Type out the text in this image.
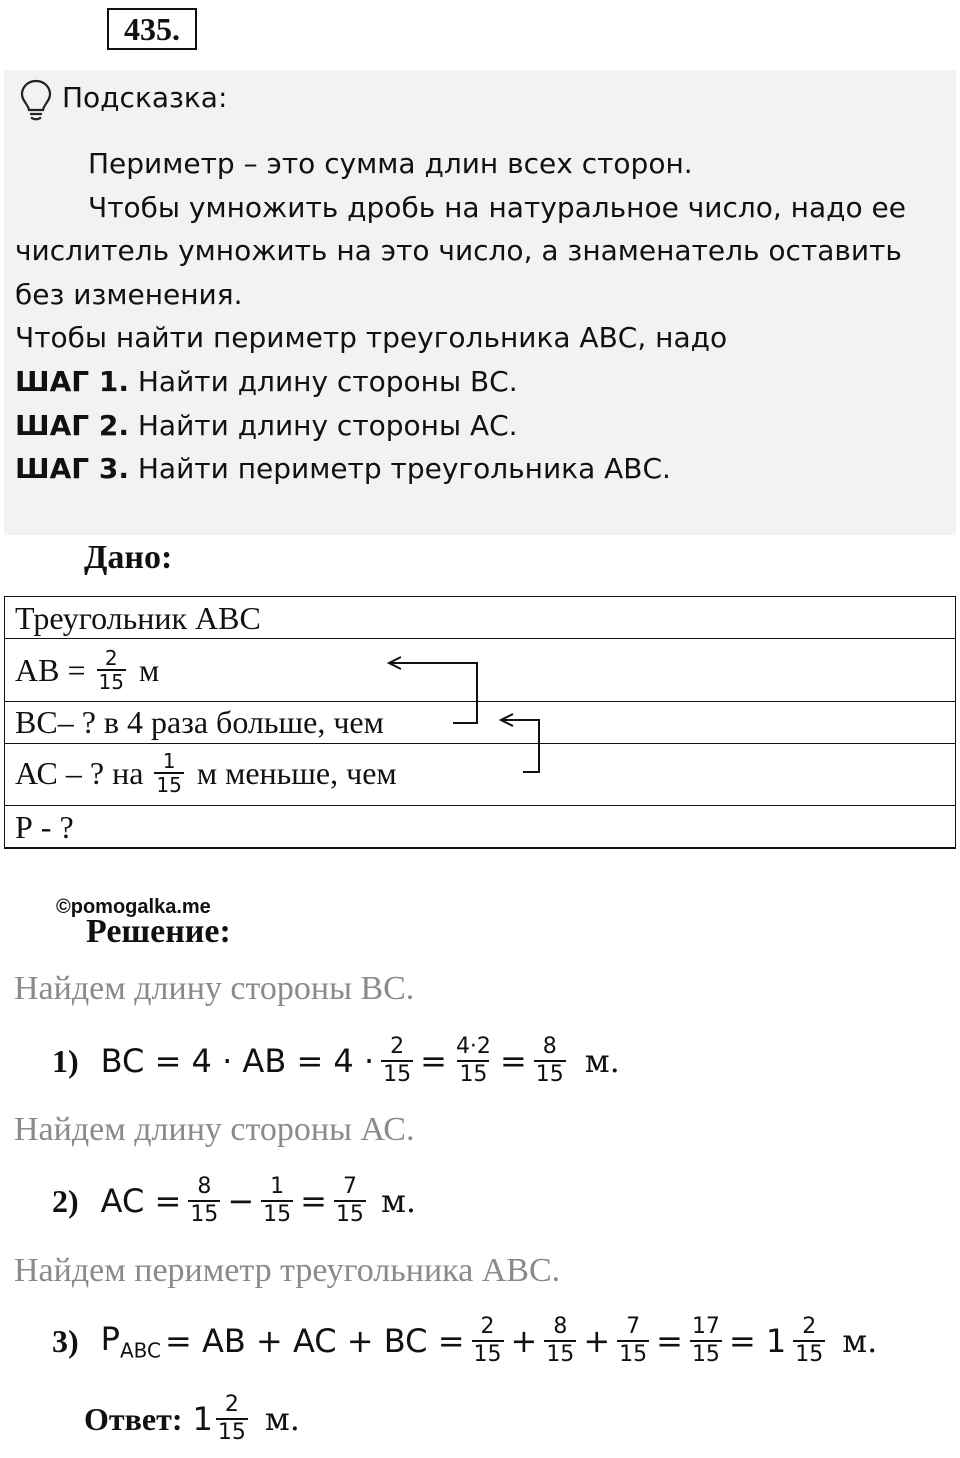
435.
Подсказка:
Периметр – это сумма длин всех сторон.
Чтобы умножить дробь на натуральное число, надо ее
числитель умножить на это число, а знаменатель оставить
без изменения.
Чтобы найти периметр треугольника АВС, надо
ШАГ 1. Найти длину стороны ВС.
ШАГ 2. Найти длину стороны АС.
ШАГ 3. Найти периметр треугольника АВС.
Дано:
Треугольник АВС
АВ = $\frac{2}{15}$ м
ВС– ? в 4 раза больше, чем
АС – ? на $\frac{1}{15}$ м меньше, чем
Р - ?
©pomogalka.me
Решение:
Найдем длину стороны ВС.
1) BC = 4 · AB = $4 \cdot \frac{2}{15} = \frac{4\cdot 2}{15} = \frac{8}{15} м$.
Найдем длину стороны АС.
2) AC = $\frac{8}{15} - \frac{1}{15} = \frac{7}{15} м$.
Найдем периметр треугольника АВС.
3) $P_{ABC}$ = AB + AC + BC = $\frac{2}{15} + \frac{8}{15} + \frac{7}{15} = \frac{17}{15} = 1 \frac{2}{15} м$.
Ответ: $1 \frac{2}{15} м$.
